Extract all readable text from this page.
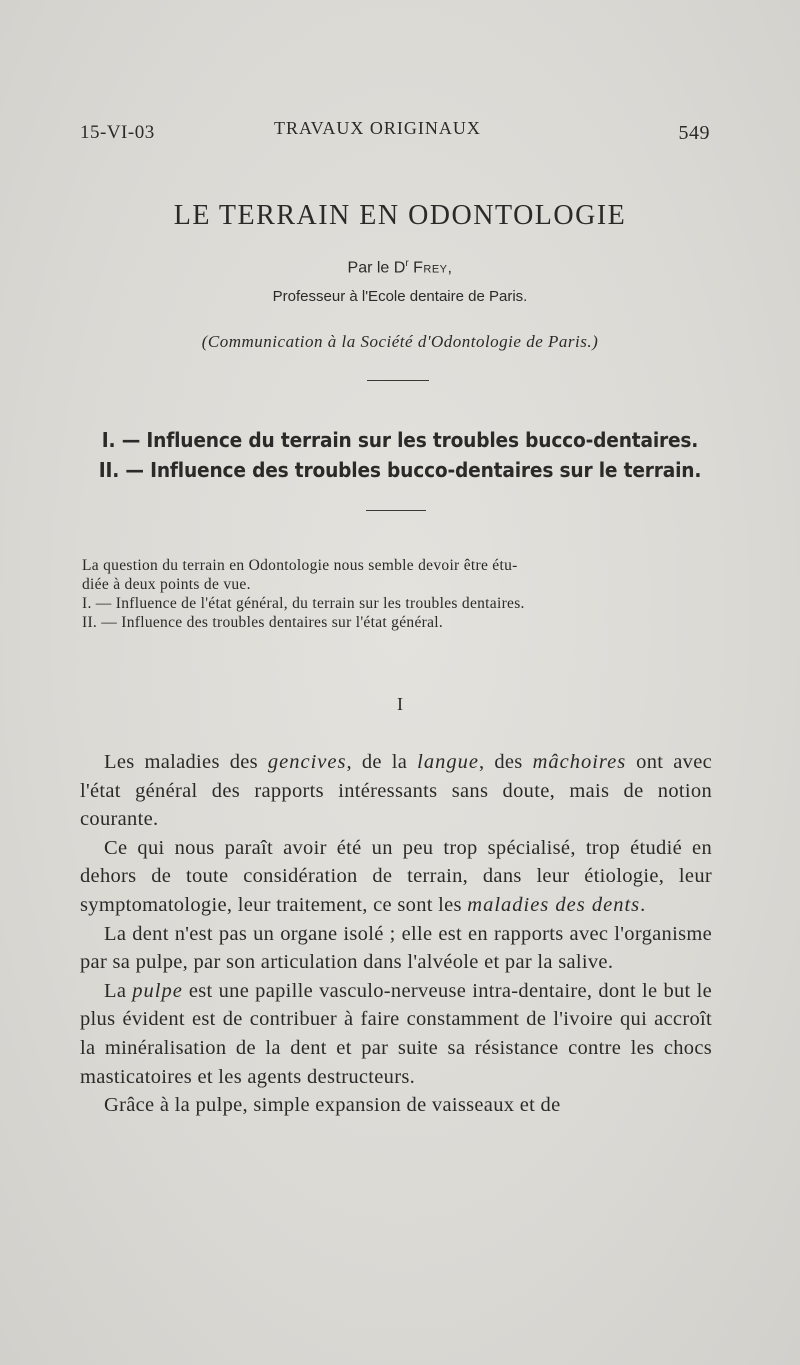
15-VI-03	TRAVAUX ORIGINAUX	549
LE TERRAIN EN ODONTOLOGIE
Par le $D^r$ Frey,
Professeur à l'Ecole dentaire de Paris.
(Communication à la Société d'Odontologie de Paris.)
I. — Influence du terrain sur les troubles bucco-dentaires.
II. — Influence des troubles bucco-dentaires sur le terrain.

La question du terrain en Odontologie nous semble devoir être étu-

diée à deux points de vue.

I. — Influence de l'état général, du terrain sur les troubles dentaires.

II. — Influence des troubles dentaires sur l'état général.

I

Les maladies des gencives, de la langue, des mâchoires ont avec l'état général des rapports intéressants sans doute, mais de notion courante.

Ce qui nous paraît avoir été un peu trop spécialisé, trop étudié en dehors de toute considération de terrain, dans leur étiologie, leur symptomatologie, leur traitement, ce sont les maladies des dents.

La dent n'est pas un organe isolé ; elle est en rapports avec l'organisme par sa pulpe, par son articulation dans l'alvéole et par la salive.

La pulpe est une papille vasculo-nerveuse intra-dentaire, dont le but le plus évident est de contribuer à faire constamment de l'ivoire qui accroît la minéralisation de la dent et par suite sa résistance contre les chocs masticatoires et les agents destructeurs.

Grâce à la pulpe, simple expansion de vaisseaux et de
